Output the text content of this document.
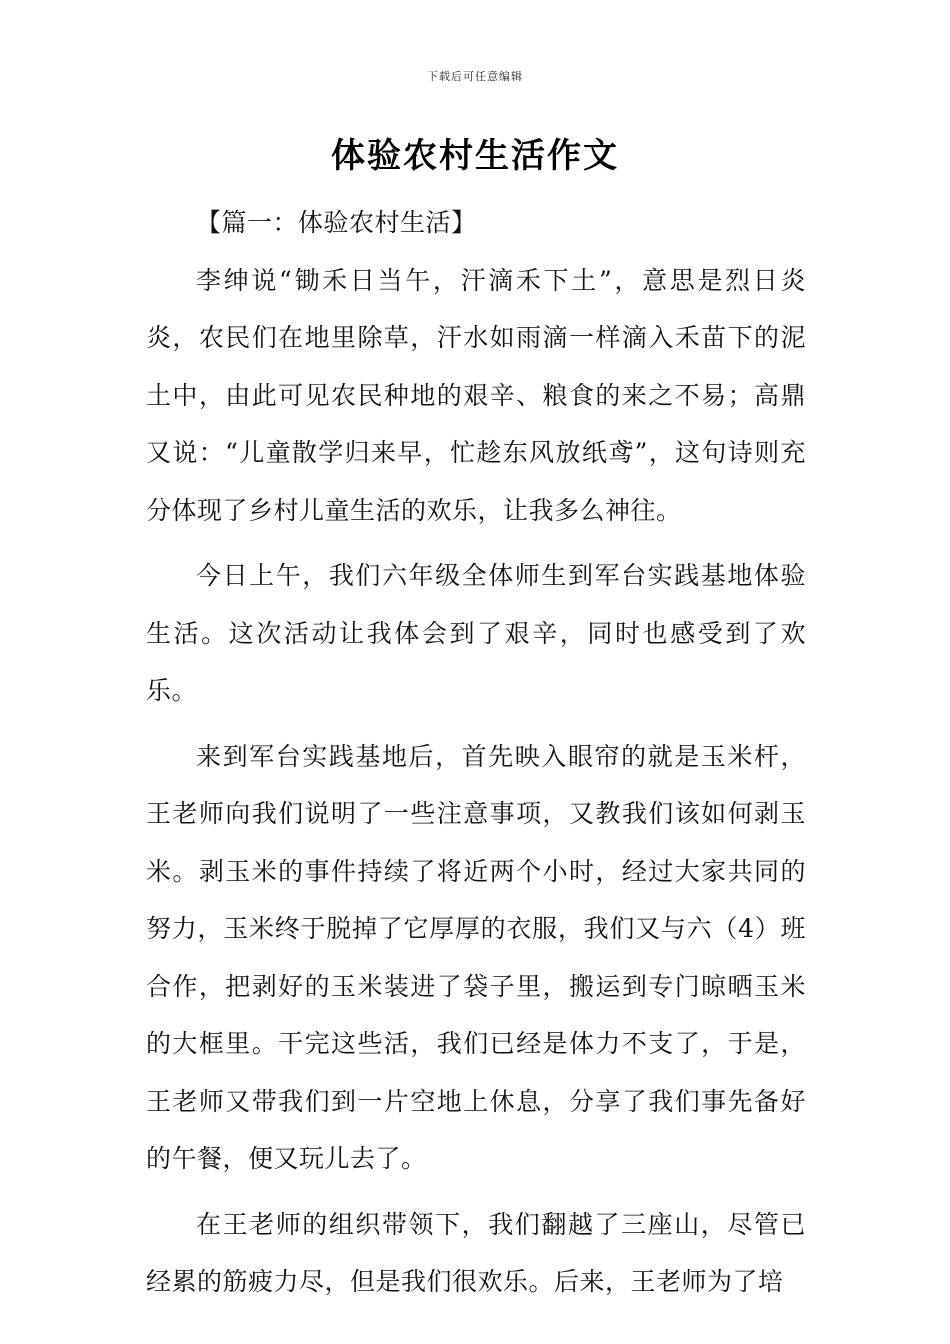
下载后可任意编辑
体验农村生活作文

【篇一：体验农村生活】

李绅说“锄禾日当午，汗滴禾下土”，意思是烈日炎炎，农民们在地里除草，汗水如雨滴一样滴入禾苗下的泥土中，由此可见农民种地的艰辛、粮食的来之不易；高鼎又说：“儿童散学归来早，忙趁东风放纸鸢”，这句诗则充分体现了乡村儿童生活的欢乐，让我多么神往。

今日上午，我们六年级全体师生到军台实践基地体验生活。这次活动让我体会到了艰辛，同时也感受到了欢乐。

来到军台实践基地后，首先映入眼帘的就是玉米杆，王老师向我们说明了一些注意事项，又教我们该如何剥玉米。剥玉米的事件持续了将近两个小时，经过大家共同的努力，玉米终于脱掉了它厚厚的衣服，我们又与六（4）班合作，把剥好的玉米装进了袋子里，搬运到专门晾晒玉米的大框里。干完这些活，我们已经是体力不支了，于是，王老师又带我们到一片空地上休息，分享了我们事先备好的午餐，便又玩儿去了。

在王老师的组织带领下，我们翻越了三座山，尽管已经累的筋疲力尽，但是我们很欢乐。后来，王老师为了培
